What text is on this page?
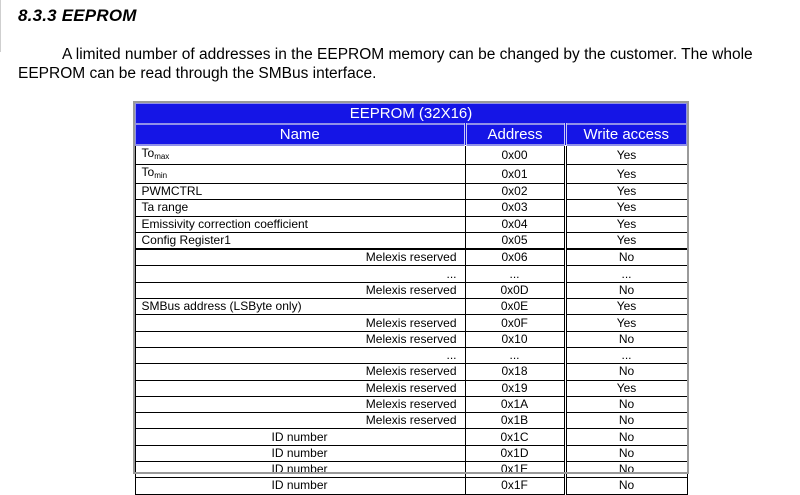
8.3.3 EEPROM
A limited number of addresses in the EEPROM memory can be changed by the customer. The whole EEPROM can be read through the SMBus interface.
EEPROM (32X16)		
Name	Address	Write access
$To_{max}$	0x00	Yes
$To_{min}$	0x01	Yes
PWMCTRL	0x02	Yes
Ta range	0x03	Yes
Emissivity correction coefficient	0x04	Yes
Config Register1	0x05	Yes
Melexis reserved	0x06	No
...	...	...
Melexis reserved	0x0D	No
SMBus address (LSByte only)	0x0E	Yes
Melexis reserved	0x0F	Yes
Melexis reserved	0x10	No
...	...	...
Melexis reserved	0x18	No
Melexis reserved	0x19	Yes
Melexis reserved	0x1A	No
Melexis reserved	0x1B	No
ID number	0x1C	No
ID number	0x1D	No
ID number	0x1E	No
ID number	0x1F	No
